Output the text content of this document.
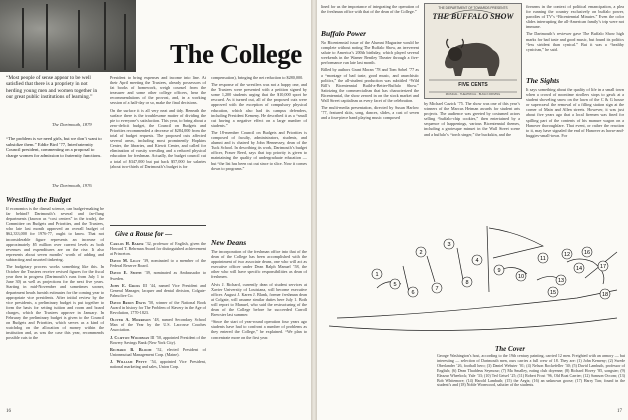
The College
“Most people of sense appear to be well satisfied that there is a propriety in not herding young men and women together in our great public institutions of learning.”
The Dartmouth, 1879
“The problem is we need girls, but we don’t want to subsidize them.” Eddie Bird ’77, Interfraternity Council president, commenting on a proposal to charge women for admission to fraternity functions.
The Dartmouth, 1976
Wrestling the Budget

If economics is the dismal science, can budget-making be far behind? Dartmouth’s several and far-flung departments (known as “cost centers” in the trade), the Committee on Budgets and Priorities, and the Trustees, who late last month approved an overall budget of $62,333,000 for 1976-77, ought to know. That not inconsiderable figure represents an increase of approximately $5 million over current levels as both revenues and expenditures are on the rise. It also represents about seven months’ worth of adding and subtracting and assorted tinkering.

The budgetary process works something like this. In October the Trustees receive revised figures for the fiscal year then in progress (Dartmouth’s runs from July 1 to June 30) as well as projections for the next five years. Starting in mid-November and sometimes sooner, department heads furnish estimates for the coming year to appropriate vice presidents. After initial review by the vice presidents, a preliminary budget is put together to form the basis for setting tuition and room and board charges, which the Trustees approve in January. In February the preliminary budget is given to the Council on Budgets and Priorities, which serves as a kind of watchdog on the allocation of money within the institution and, as was the case this year, recommends possible cuts to the

President to bring expenses and income into line. At their April meeting the Trustees, already possessors of fat books of homework, weigh counsel from the treasurer and some other college officers, hear the recommendations of the provost, and, in a working session of a half-day or so, make the final decisions.

On the surface it is all very neat and tidy. Beneath the surface there is the troublesome matter of dividing the pie to everyone’s satisfaction. This year, to bring about a zero-deficit budget, the Council on Budgets and Priorities recommended a decrease of $284,000 from the total of budget requests. The proposed cuts affected several areas, including most prominently Hopkins Center, the libraries, and Kiewit Center, and called for elimination of varsity wrestling and a reduced physical education for freshman. Actually, the budget council cut a total of $347,000 but put back $57,000 for salaries (about two-thirds of Dartmouth’s budget is for

Give a Rouse for —

Carlos H. Baker ’32, professor of English, given the Howard T. Behrman Award for distinguished achievement at Princeton.

David M. Lilly ’39, nominated to a member of the Federal Reserve Board.

David E. Smith ’39, nominated as Ambassador to Sweden.

John E. Gross III ’44, named Vice President and General Manager, lacquer and dental division, Colgate-Palmolive Co.

David Brion Davis ’50, winner of the National Book Award in history for The Problem of Slavery in the Age of Revolution, 1770-1823.

Oliver A. Morrison ’48, named Secondary School Man of the Year by the U.S. Lacrosse Coaches Association.

J. Clifton Woodman III ’50, appointed President of the Bowery Savings Bank (New York City).

Richard B. Bloom ’52, elected President of Unionmutual Management Corp. (Maine).

J. William Petty ’54, appointed Vice President, national marketing and sales, Union Corp.

compensation), bringing the net reduction to $280,000.

The response of the wrestlers was not a happy one, and the Trustees were presented with a petition signed by some 1,200 students urging that the $10,000 sport be rescued. As it turned out, all of the proposed cuts were approved with the exception of compulsory physical education, which also had its campus defenders, including President Kemeny. He described it as a “small cut having a negative effect on a large number of students.”

The 18-member Council on Budgets and Priorities is composed of faculty, administrators, students, and alumni and is chaired by John Hennessey, dean of the Tuck School. In describing its work, Dartmouth’s budget officer, Fraser Reed, says that top priority is given to maintaining the quality of undergraduate education — but “the list has been cut out since to slice. Now it comes down to programs.”

New Deans

The incorporation of the freshman office into that of the dean of the College has been accomplished with the appointment of two associate deans, one who will act as executive officer under Dean Ralph Manuel ’58, the other who will have specific responsibilities as dean of freshmen.

Alvis J. Richard, currently dean of student services at Xavier University of Louisiana, will become executive officer. August J. Karen J. Blank, former freshman dean at Colgate, will assume similar duties here July 1. Both will report to Manuel, who said the restructuring of the dean of the College before he succeeded Carroll Brewster last summer.

“Since the start of year-round operation four years ago students have had to confront a number of problems as they entered the College,” he explained. “We plan to concentrate more on the first year.

16

lined for us the importance of integrating the operation of the freshman office with that of the dean of the College.”

Buffalo Power

No Bicentennial issue of the Alumni Magazine would be complete without noting The Buffalo Show, an irreverent salute to America’s 200th birthday, which played several weekends in the Warner Bentley Theater through a five-performance run late last month.

Billed by authors Grant Moran ’78 and Tom Sobel ’77 as a “montage of bad taste, good music, and anarchistic politics,” the all-student production was subtitled “Wild Bill’s Bicentennial Build-a-Better-Buffalo Show.” Satirizing the commercialism that has characterized the Bicentennial, the show zeroed in on the stock market and Wall Street capitalism as every facet of the celebration.

The multi-media presentation, directed by Susan Harlow ’77, featured skits, song, dances, slides, a cast of seven and a four-piece band playing music composed

THE DEPARTMENT OF TOWARDS PRESENTS
THE BUFFALO SHOW
FIVE CENTS
MUSICAL · THEATRICAL · BUGGY-DRIVING

by Michael Cazick ’75. The show was one of this year’s winners of the Marcus Heiman awards for student arts projects. The audience was greeted by costumed actors selling “buffalo-chip cookies,” then entertained by a sequence of happenings, various Bicentennial themes, including a grotesque minuet in the Wall Street scene and a buffalo’s “torch singer,” the buckskin, and the

firearms in the context of political emancipation, a plea for running the country exclusively on buffalo power, parodies of TV’s “Bicentennial Minutes.” Even the color slides interrupting the all-American family’s trip were not immune.

The Dartmouth’s reviewer gave The Buffalo Show high marks for bad taste and good music, but found its politics “less strident than cynical.” But it was a “healthy cynicism,” he said.

The Sights

It says something about the quality of life in a small town when a crowd of noontime strollers stops to gawk at a student shoveling snow on the lawn of the C & G house or supercrawl the removal of a filling station sign at the corner of Main and Allen streets. However, it was just about five years ago that a local firemen was fined for spilling part of the contents of his manure wagon on a Hanover thoroughfare. That event, or rather the reaction to it, may have signaled the end of Hanover as horse-and-buggies-small-town. For

1
2
3
4
5
6
7
8
9
10
11
12
13
14
15
16
17
18
The Cover
George Washington’s host, according to the 19th century painting, carried 12 men. Freighted with an armory — but interesting — selection of Dartmouth men, ours carries a full crew of 18. They are: (1) John Kemeny; (2) Swede Oberlander ’26, football hero; (3) Daniel Webster ’01; (4) Nelson Rockefeller ’30; (5) David Lambuth, professor of English; (6) Dean Thaddeus Seymour; (7) Ma Smalley, eating club doyenne; (8) Richard Hovey ’85, songster; (9) Eleazar Wheelock; Yale ’33; (10) Ted Geisel ’25; (11) Robert Frost ’96, Old Boat Carrier; (12) Samson Occom; (13) Bob Whitemore; (14) Harold Lambuth; (15) the Aegis; (16) an unknown goose; (17) Harry Tarr, found in the student’s and (18) Noble Wornwood, salutier of the students.
17
